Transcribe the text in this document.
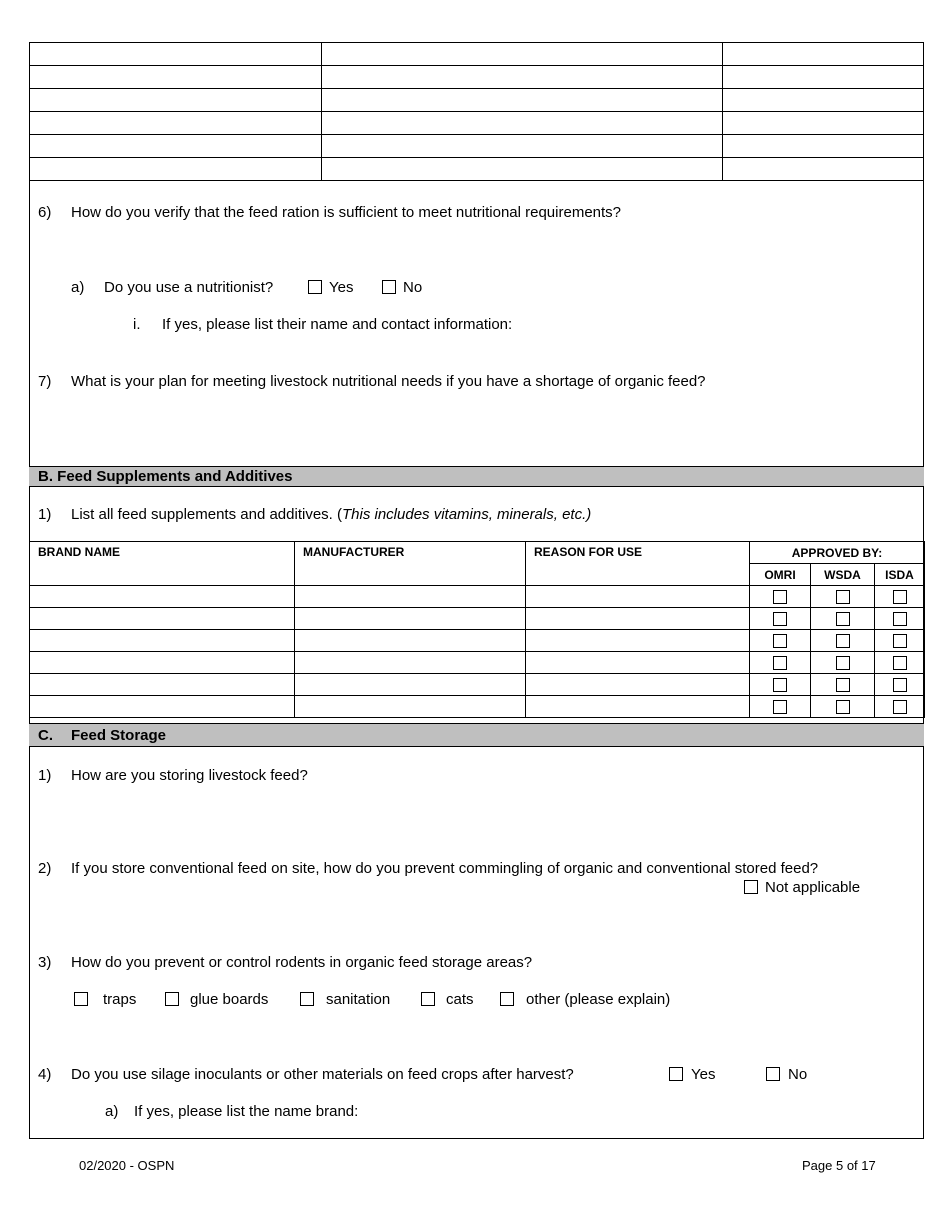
6) How do you verify that the feed ration is sufficient to meet nutritional requirements?
a) Do you use a nutritionist?	Yes	No
i. If yes, please list their name and contact information:
7) What is your plan for meeting livestock nutritional needs if you have a shortage of organic feed?
B. Feed Supplements and Additives
1) List all feed supplements and additives. (This includes vitamins, minerals, etc.)
BRAND NAME	MANUFACTURER	REASON FOR USE	APPROVED BY:		
			OMRI	WSDA	ISDA

C. Feed Storage
1) How are you storing livestock feed?
2) If you store conventional feed on site, how do you prevent commingling of organic and conventional stored feed?
Not applicable
3) How do you prevent or control rodents in organic feed storage areas?
traps	glue boards	sanitation	cats	other (please explain)
4) Do you use silage inoculants or other materials on feed crops after harvest?	Yes	No
a) If yes, please list the name brand:
02/2020 - OSPN	Page 5 of 17
